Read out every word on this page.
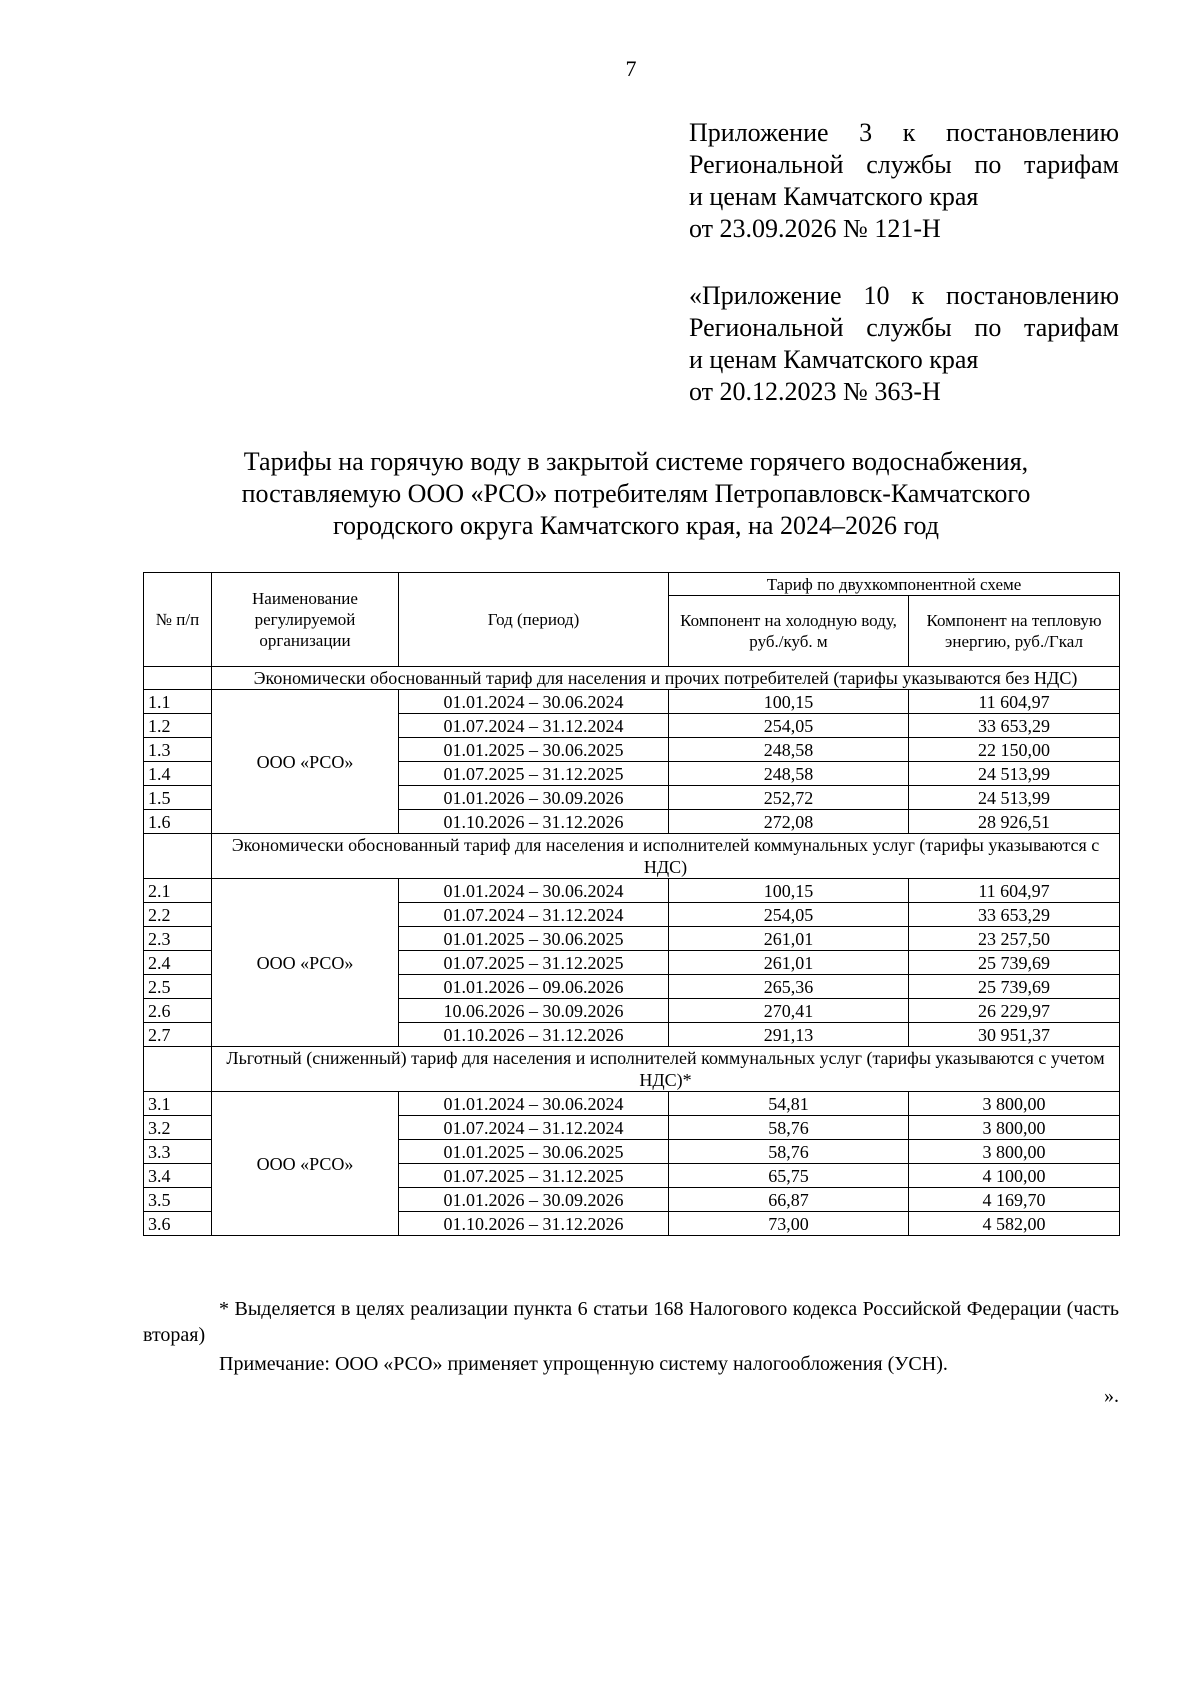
7
Приложение 3 к постановлению
Региональной службы по тарифам
и ценам Камчатского края
от 23.09.2026 № 121-Н
«Приложение 10 к постановлению
Региональной службы по тарифам
и ценам Камчатского края
от 20.12.2023 № 363-Н
Тарифы на горячую воду в закрытой системе горячего водоснабжения,
поставляемую ООО «РСО» потребителям Петропавловск-Камчатского
городского округа Камчатского края, на 2024–2026 год
№ п/п	Наименование регулируемой организации	Год (период)	Тариф по двухкомпонентной схеме	
			Компонент на холодную воду, руб./куб. м	Компонент на тепловую энергию, руб./Гкал
	Экономически обоснованный тариф для населения и прочих потребителей (тарифы указываются без НДС)			
1.1	ООО «РСО»	01.01.2024 – 30.06.2024	100,15	11 604,97
1.2		01.07.2024 – 31.12.2024	254,05	33 653,29
1.3		01.01.2025 – 30.06.2025	248,58	22 150,00
1.4		01.07.2025 – 31.12.2025	248,58	24 513,99
1.5		01.01.2026 – 30.09.2026	252,72	24 513,99
1.6		01.10.2026 – 31.12.2026	272,08	28 926,51
	Экономически обоснованный тариф для населения и исполнителей коммунальных услуг (тарифы указываются с НДС)			
2.1	ООО «РСО»	01.01.2024 – 30.06.2024	100,15	11 604,97
2.2		01.07.2024 – 31.12.2024	254,05	33 653,29
2.3		01.01.2025 – 30.06.2025	261,01	23 257,50
2.4		01.07.2025 – 31.12.2025	261,01	25 739,69
2.5		01.01.2026 – 09.06.2026	265,36	25 739,69
2.6		10.06.2026 – 30.09.2026	270,41	26 229,97
2.7		01.10.2026 – 31.12.2026	291,13	30 951,37
	Льготный (сниженный) тариф для населения и исполнителей коммунальных услуг (тарифы указываются с учетом НДС)*			
3.1	ООО «РСО»	01.01.2024 – 30.06.2024	54,81	3 800,00
3.2		01.07.2024 – 31.12.2024	58,76	3 800,00
3.3		01.01.2025 – 30.06.2025	58,76	3 800,00
3.4		01.07.2025 – 31.12.2025	65,75	4 100,00
3.5		01.01.2026 – 30.09.2026	66,87	4 169,70
3.6		01.10.2026 – 31.12.2026	73,00	4 582,00
* Выделяется в целях реализации пункта 6 статьи 168 Налогового кодекса Российской Федерации (часть вторая)
Примечание: ООО «РСО» применяет упрощенную систему налогообложения (УСН).
».
